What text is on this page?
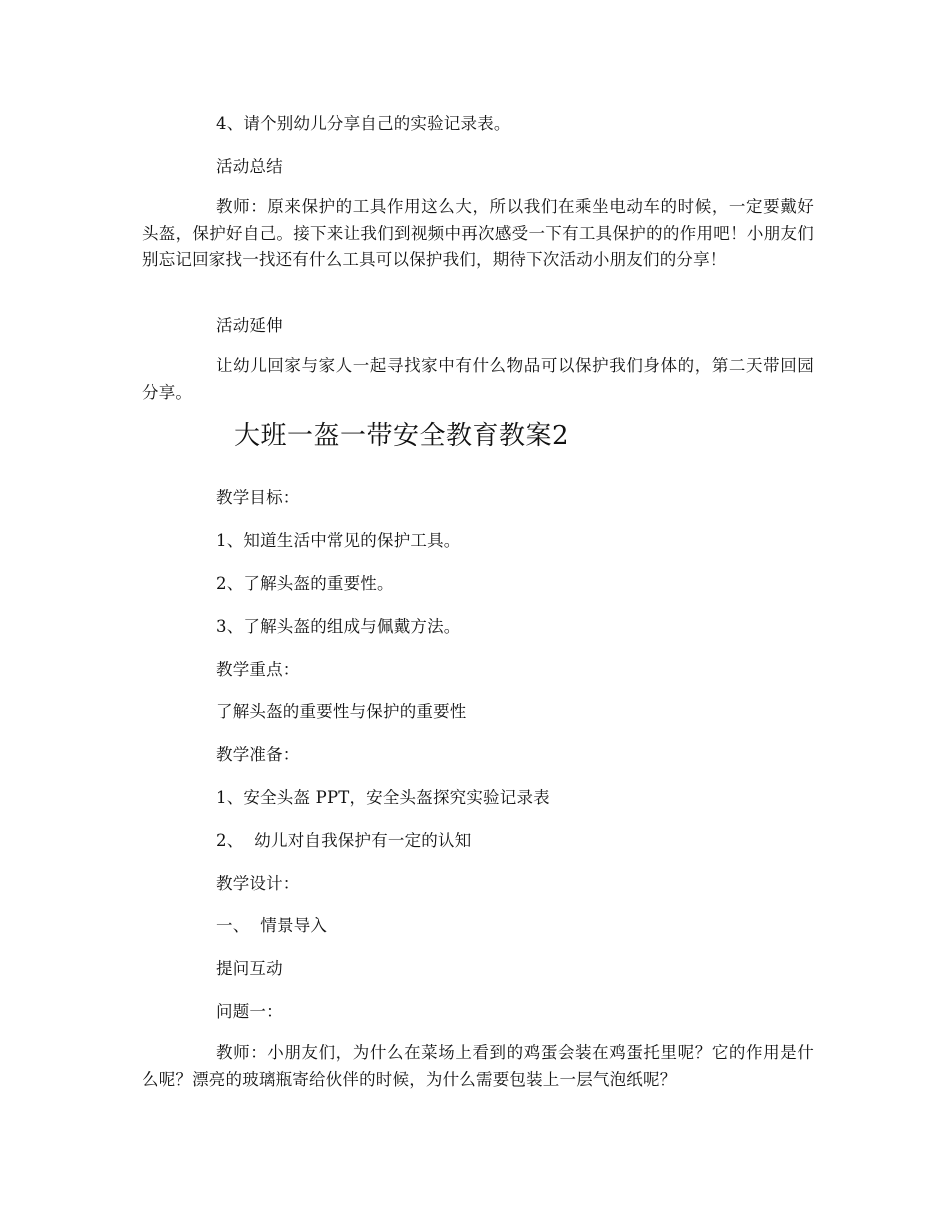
4、请个别幼儿分享自己的实验记录表。
活动总结
教师：原来保护的工具作用这么大，所以我们在乘坐电动车的时候，一定要戴好头盔，保护好自己。接下来让我们到视频中再次感受一下有工具保护的的作用吧！小朋友们别忘记回家找一找还有什么工具可以保护我们，期待下次活动小朋友们的分享！
活动延伸
让幼儿回家与家人一起寻找家中有什么物品可以保护我们身体的，第二天带回园分享。
大班一盔一带安全教育教案2
教学目标：
1、知道生活中常见的保护工具。
2、了解头盔的重要性。
3、了解头盔的组成与佩戴方法。
教学重点：
了解头盔的重要性与保护的重要性
教学准备：
1、安全头盔 PPT，安全头盔探究实验记录表
2、  幼儿对自我保护有一定的认知
教学设计：
一、  情景导入
提问互动
问题一：
教师：小朋友们，为什么在菜场上看到的鸡蛋会装在鸡蛋托里呢？它的作用是什么呢？漂亮的玻璃瓶寄给伙伴的时候，为什么需要包装上一层气泡纸呢？
